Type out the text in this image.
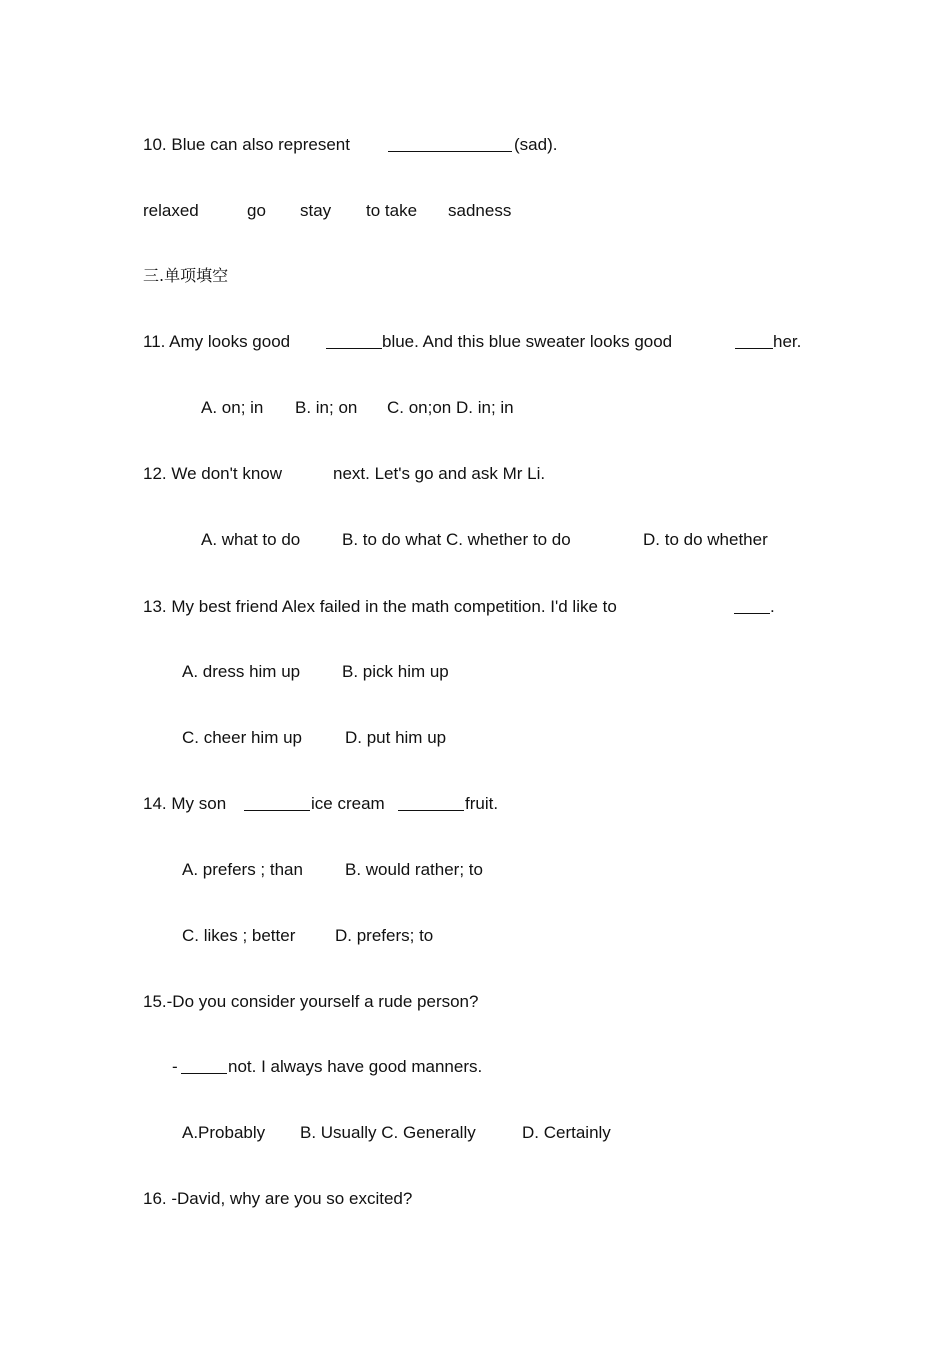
10. Blue can also represent	(sad).
relaxed	go stay to take sadness
三.单项填空
11. Amy looks good	blue. And this blue sweater looks good	her.
A. on; in B. in; on C. on;on D. in; in
12. We don't know	next. Let's go and ask Mr Li.
A. what to do B. to do what C. whether to do	D. to do whether
13. My best friend Alex failed in the math competition. I'd like to	.
A. dress him up B. pick him up
C. cheer him up	D. put him up
14. My son	ice cream	fruit.
A. prefers ; than B. would rather; to
C. likes ; better D. prefers; to
15.-Do you consider yourself a rude person?
-	not. I always have good manners.
A.Probably B. Usually C. Generally	D. Certainly
16. -David, why are you so excited?
